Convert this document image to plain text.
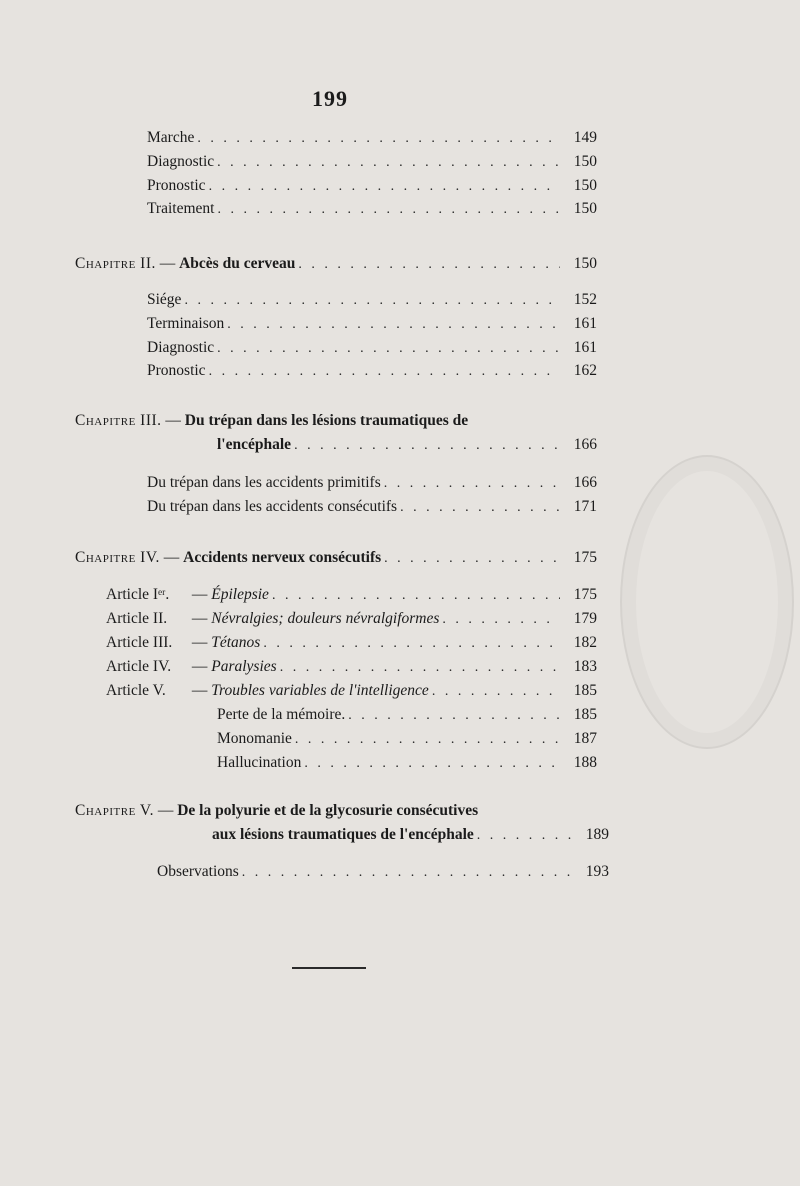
199
Marche . . .	149
Diagnostic . . .	150
Pronostic . . .	150
Traitement . . .	150
Chapitre II. — Abcès du cerveau . . .	150
Siége . . .	152
Terminaison . . .	161
Diagnostic . . .	161
Pronostic . . .	162
Chapitre III. — Du trépan dans les lésions traumatiques de
l'encéphale . . .	166
Du trépan dans les accidents primitifs . . .	166
Du trépan dans les accidents consécutifs . . .	171
Chapitre IV. — Accidents nerveux consécutifs . . .	175
Article Iᵉʳ. — Épilepsie . . .	175
Article II. — Névralgies; douleurs névralgiformes . . .	179
Article III. — Tétanos . . .	182
Article IV. — Paralysies . . .	183
Article V. — Troubles variables de l'intelligence . . .	185
Perte de la mémoire. . . .	185
Monomanie . . .	187
Hallucination . . .	188
Chapitre V. — De la polyurie et de la glycosurie consécutives
aux lésions traumatiques de l'encéphale . . .	189
Observations . . .	193
